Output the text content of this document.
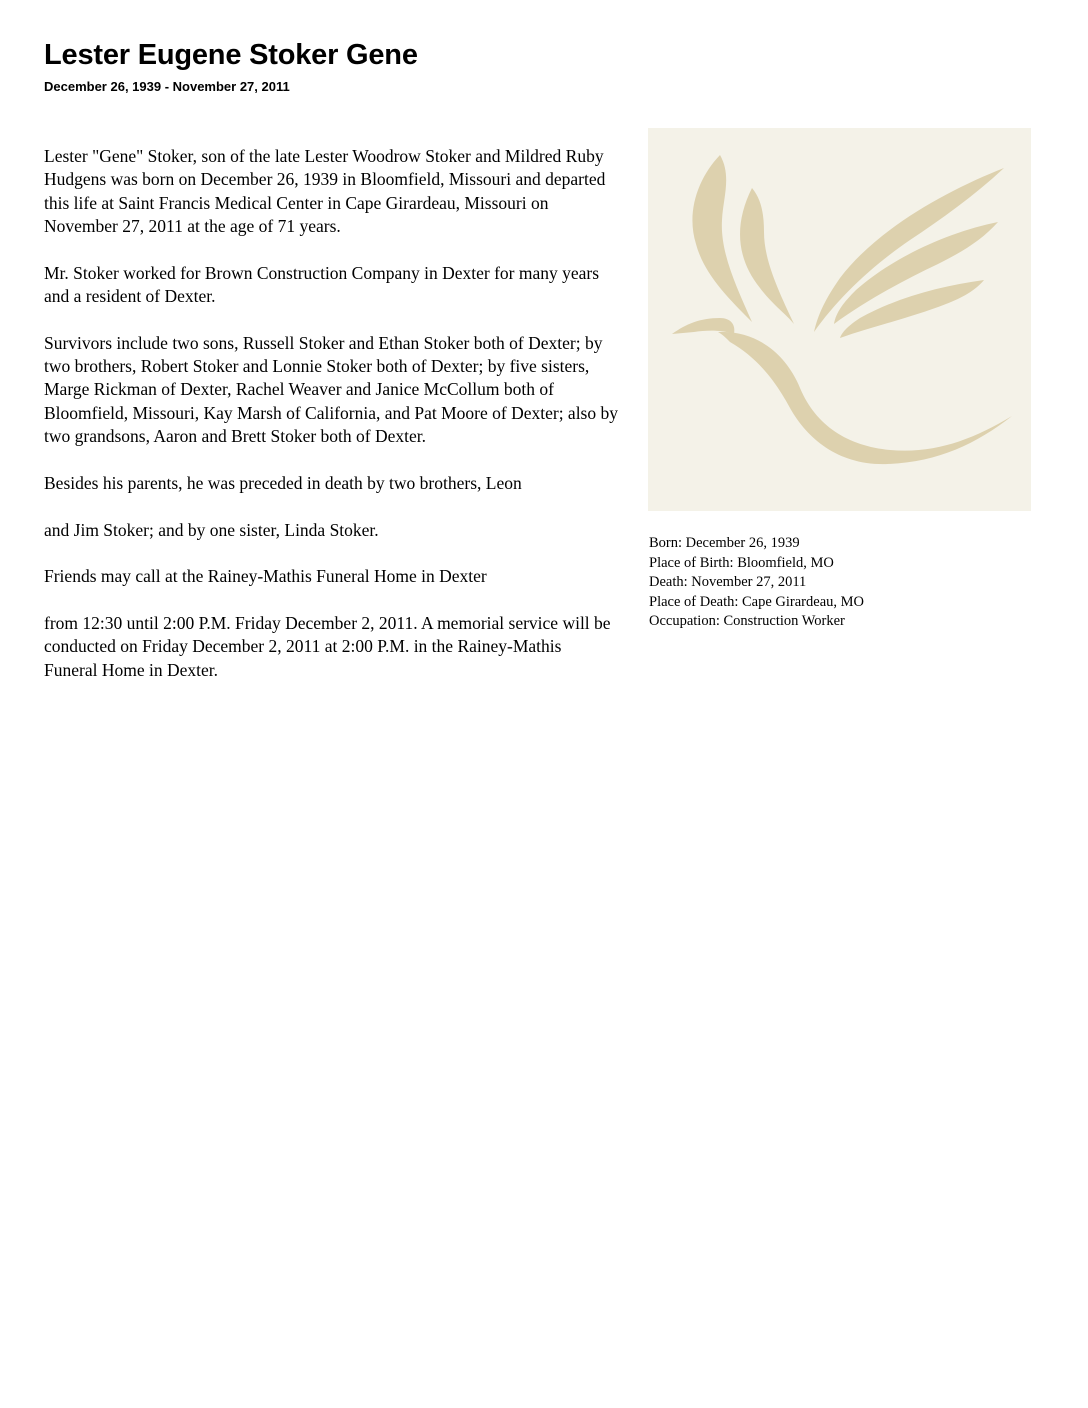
Lester Eugene Stoker Gene
December 26, 1939 - November 27, 2011

Lester "Gene" Stoker, son of the late Lester Woodrow Stoker and Mildred Ruby Hudgens was born on December 26, 1939 in Bloomfield, Missouri and departed this life at Saint Francis Medical Center in Cape Girardeau, Missouri on November 27, 2011 at the age of 71 years.

Mr. Stoker worked for Brown Construction Company in Dexter for many years and a resident of Dexter.

Survivors include two sons, Russell Stoker and Ethan Stoker both of Dexter; by two brothers, Robert Stoker and Lonnie Stoker both of Dexter; by five sisters, Marge Rickman of Dexter, Rachel Weaver and Janice McCollum both of Bloomfield, Missouri, Kay Marsh of California, and Pat Moore of Dexter; also by two grandsons, Aaron and Brett Stoker both of Dexter.

Besides his parents, he was preceded in death by two brothers, Leon

and Jim Stoker; and by one sister, Linda Stoker.

Friends may call at the Rainey-Mathis Funeral Home in Dexter

from 12:30 until 2:00 P.M. Friday December 2, 2011. A memorial service will be conducted on Friday December 2, 2011 at 2:00 P.M. in the Rainey-Mathis Funeral Home in Dexter.

Born: December 26, 1939
Place of Birth: Bloomfield, MO
Death: November 27, 2011
Place of Death: Cape Girardeau, MO
Occupation: Construction Worker
